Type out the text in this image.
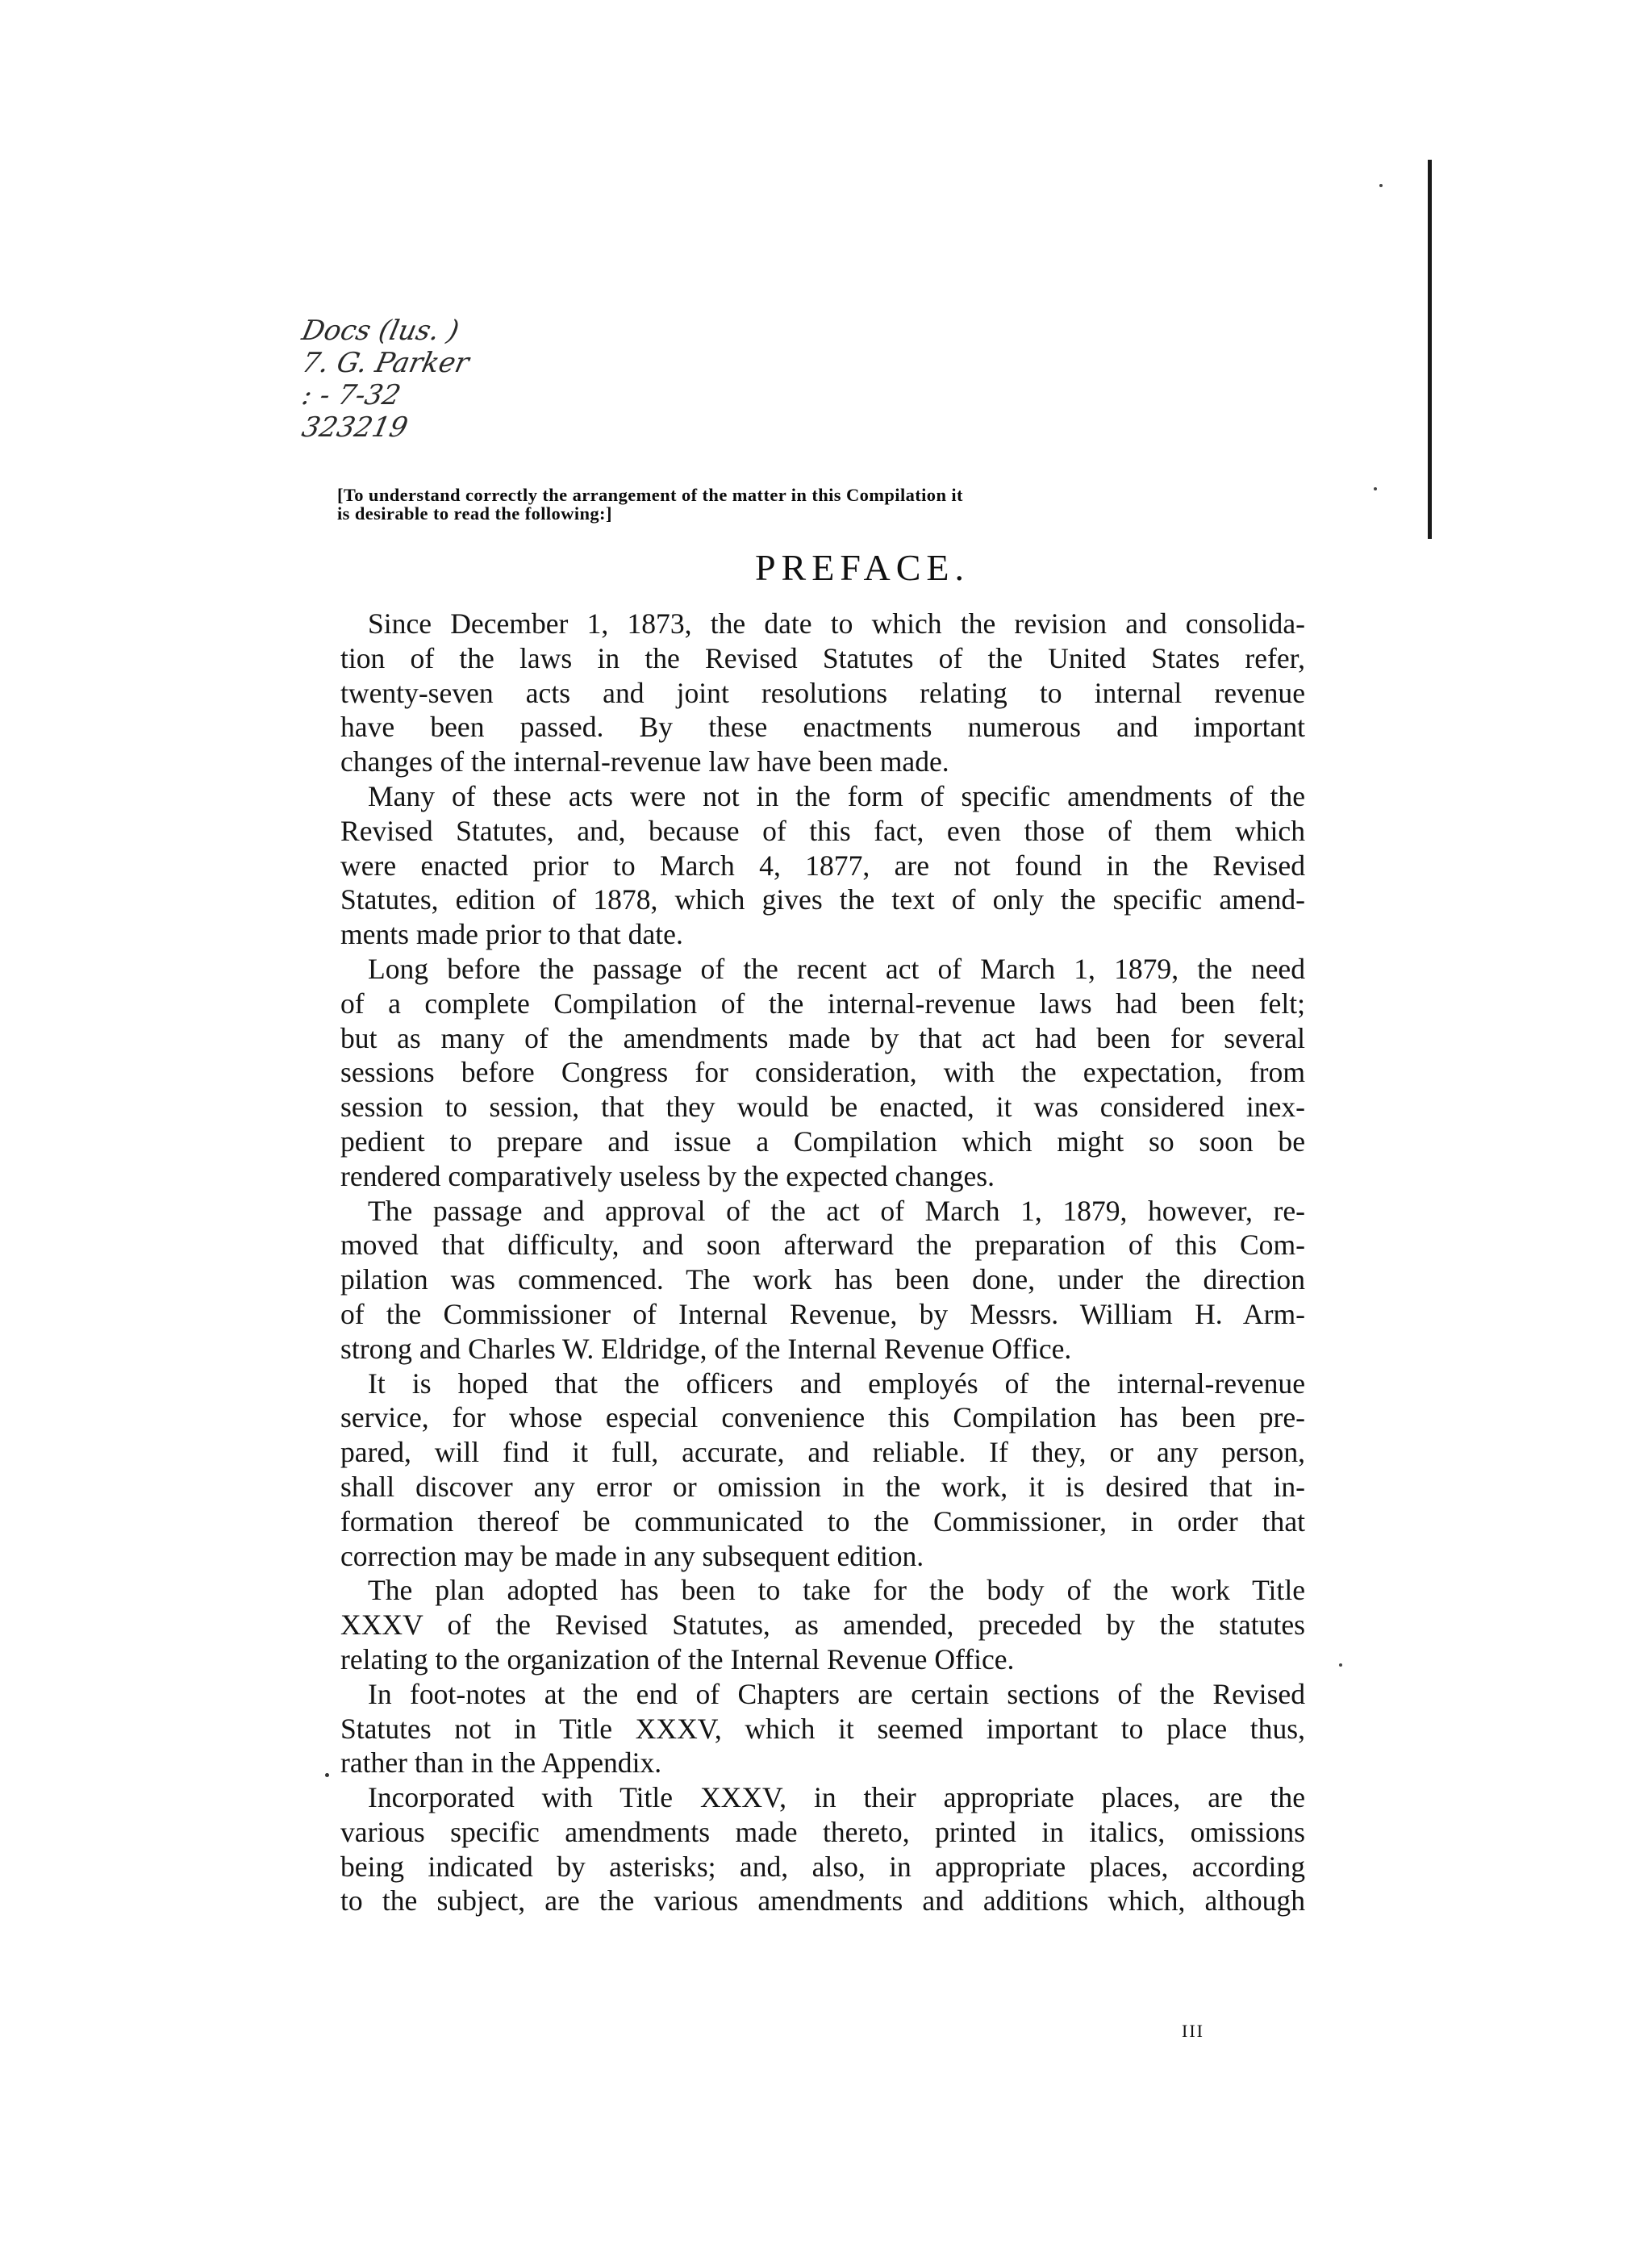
Docs (lus. )
7. G. Parker
: - 7-32
323219
[To understand correctly the arrangement of the matter in this Compilation it
is desirable to read the following:]
PREFACE.
Since December 1, 1873, the date to which the revision and consolida-
tion of the laws in the Revised Statutes of the United States refer,
twenty-seven acts and joint resolutions relating to internal revenue
have been passed. By these enactments numerous and important
changes of the internal-revenue law have been made.
Many of these acts were not in the form of specific amendments of the
Revised Statutes, and, because of this fact, even those of them which
were enacted prior to March 4, 1877, are not found in the Revised
Statutes, edition of 1878, which gives the text of only the specific amend-
ments made prior to that date.
Long before the passage of the recent act of March 1, 1879, the need
of a complete Compilation of the internal-revenue laws had been felt;
but as many of the amendments made by that act had been for several
sessions before Congress for consideration, with the expectation, from
session to session, that they would be enacted, it was considered inex-
pedient to prepare and issue a Compilation which might so soon be
rendered comparatively useless by the expected changes.
The passage and approval of the act of March 1, 1879, however, re-
moved that difficulty, and soon afterward the preparation of this Com-
pilation was commenced. The work has been done, under the direction
of the Commissioner of Internal Revenue, by Messrs. William H. Arm-
strong and Charles W. Eldridge, of the Internal Revenue Office.
It is hoped that the officers and employés of the internal-revenue
service, for whose especial convenience this Compilation has been pre-
pared, will find it full, accurate, and reliable. If they, or any person,
shall discover any error or omission in the work, it is desired that in-
formation thereof be communicated to the Commissioner, in order that
correction may be made in any subsequent edition.
The plan adopted has been to take for the body of the work Title
XXXV of the Revised Statutes, as amended, preceded by the statutes
relating to the organization of the Internal Revenue Office.
In foot-notes at the end of Chapters are certain sections of the Revised
Statutes not in Title XXXV, which it seemed important to place thus,
rather than in the Appendix.
Incorporated with Title XXXV, in their appropriate places, are the
various specific amendments made thereto, printed in italics, omissions
being indicated by asterisks; and, also, in appropriate places, according
to the subject, are the various amendments and additions which, although
III
